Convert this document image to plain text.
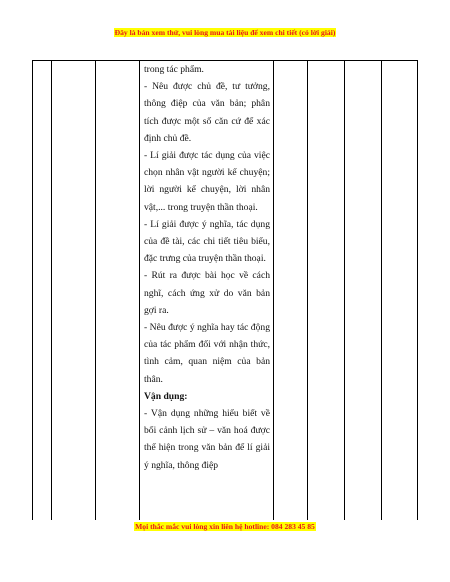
Đây là bản xem thử, vui lòng mua tài liệu để xem chi tiết (có lời giải)

trong tác phẩm.

- Nêu được chủ đề, tư tưởng, thông điệp của văn bản; phân tích được một số căn cứ để xác định chủ đề.

- Lí giải được tác dụng của việc chọn nhân vật người kể chuyện; lời người kể chuyện, lời nhân vật,... trong truyện thần thoại.

- Lí giải được ý nghĩa, tác dụng của đề tài, các chi tiết tiêu biểu, đặc trưng của truyện thần thoại.

- Rút ra được bài học về cách nghĩ, cách ứng xử do văn bản gợi ra.

- Nêu được ý nghĩa hay tác động của tác phẩm đối với nhận thức, tình cảm, quan niệm của bản thân.

Vận dụng:

- Vận dụng những hiểu biết về bối cảnh lịch sử – văn hoá được thể hiện trong văn bản để lí giải ý nghĩa, thông điệp

Mọi thắc mắc vui lòng xin liên hệ hotline: 084 283 45 85
